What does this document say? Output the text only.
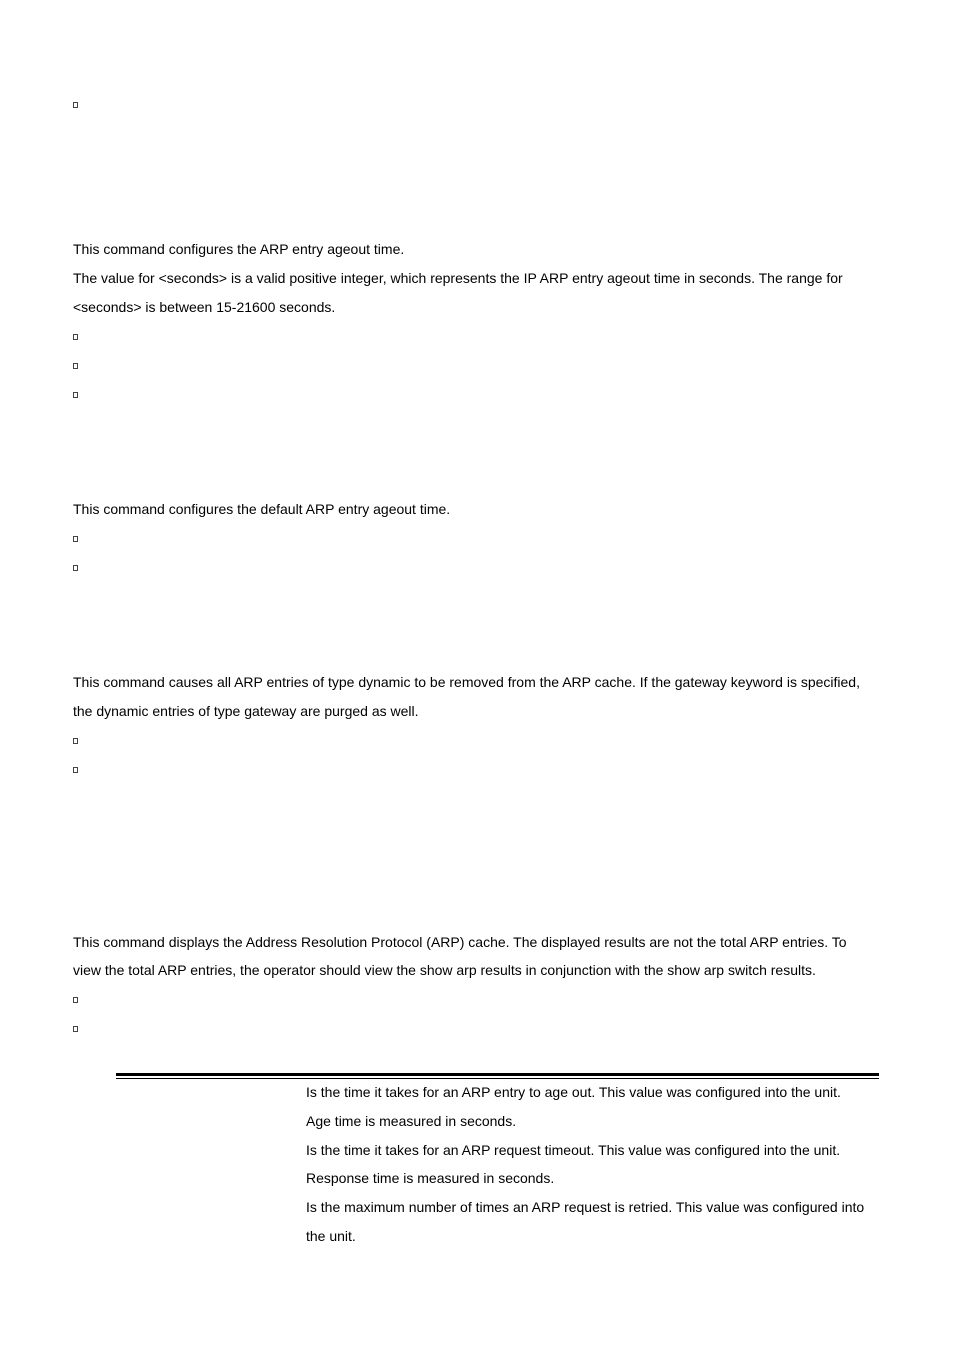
This command configures the ARP entry ageout time.
The value for <seconds> is a valid positive integer, which represents the IP ARP entry ageout time in seconds. The range for
<seconds> is between 15-21600 seconds.
This command configures the default ARP entry ageout time.
This command causes all ARP entries of type dynamic to be removed from the ARP cache. If the gateway keyword is specified,
the dynamic entries of type gateway are purged as well.
This command displays the Address Resolution Protocol (ARP) cache. The displayed results are not the total ARP entries. To
view the total ARP entries, the operator should view the show arp results in conjunction with the show arp switch results.
Is the time it takes for an ARP entry to age out. This value was configured into the unit.
Age time is measured in seconds.
Is the time it takes for an ARP request timeout. This value was configured into the unit.
Response time is measured in seconds.
Is the maximum number of times an ARP request is retried. This value was configured into
the unit.
